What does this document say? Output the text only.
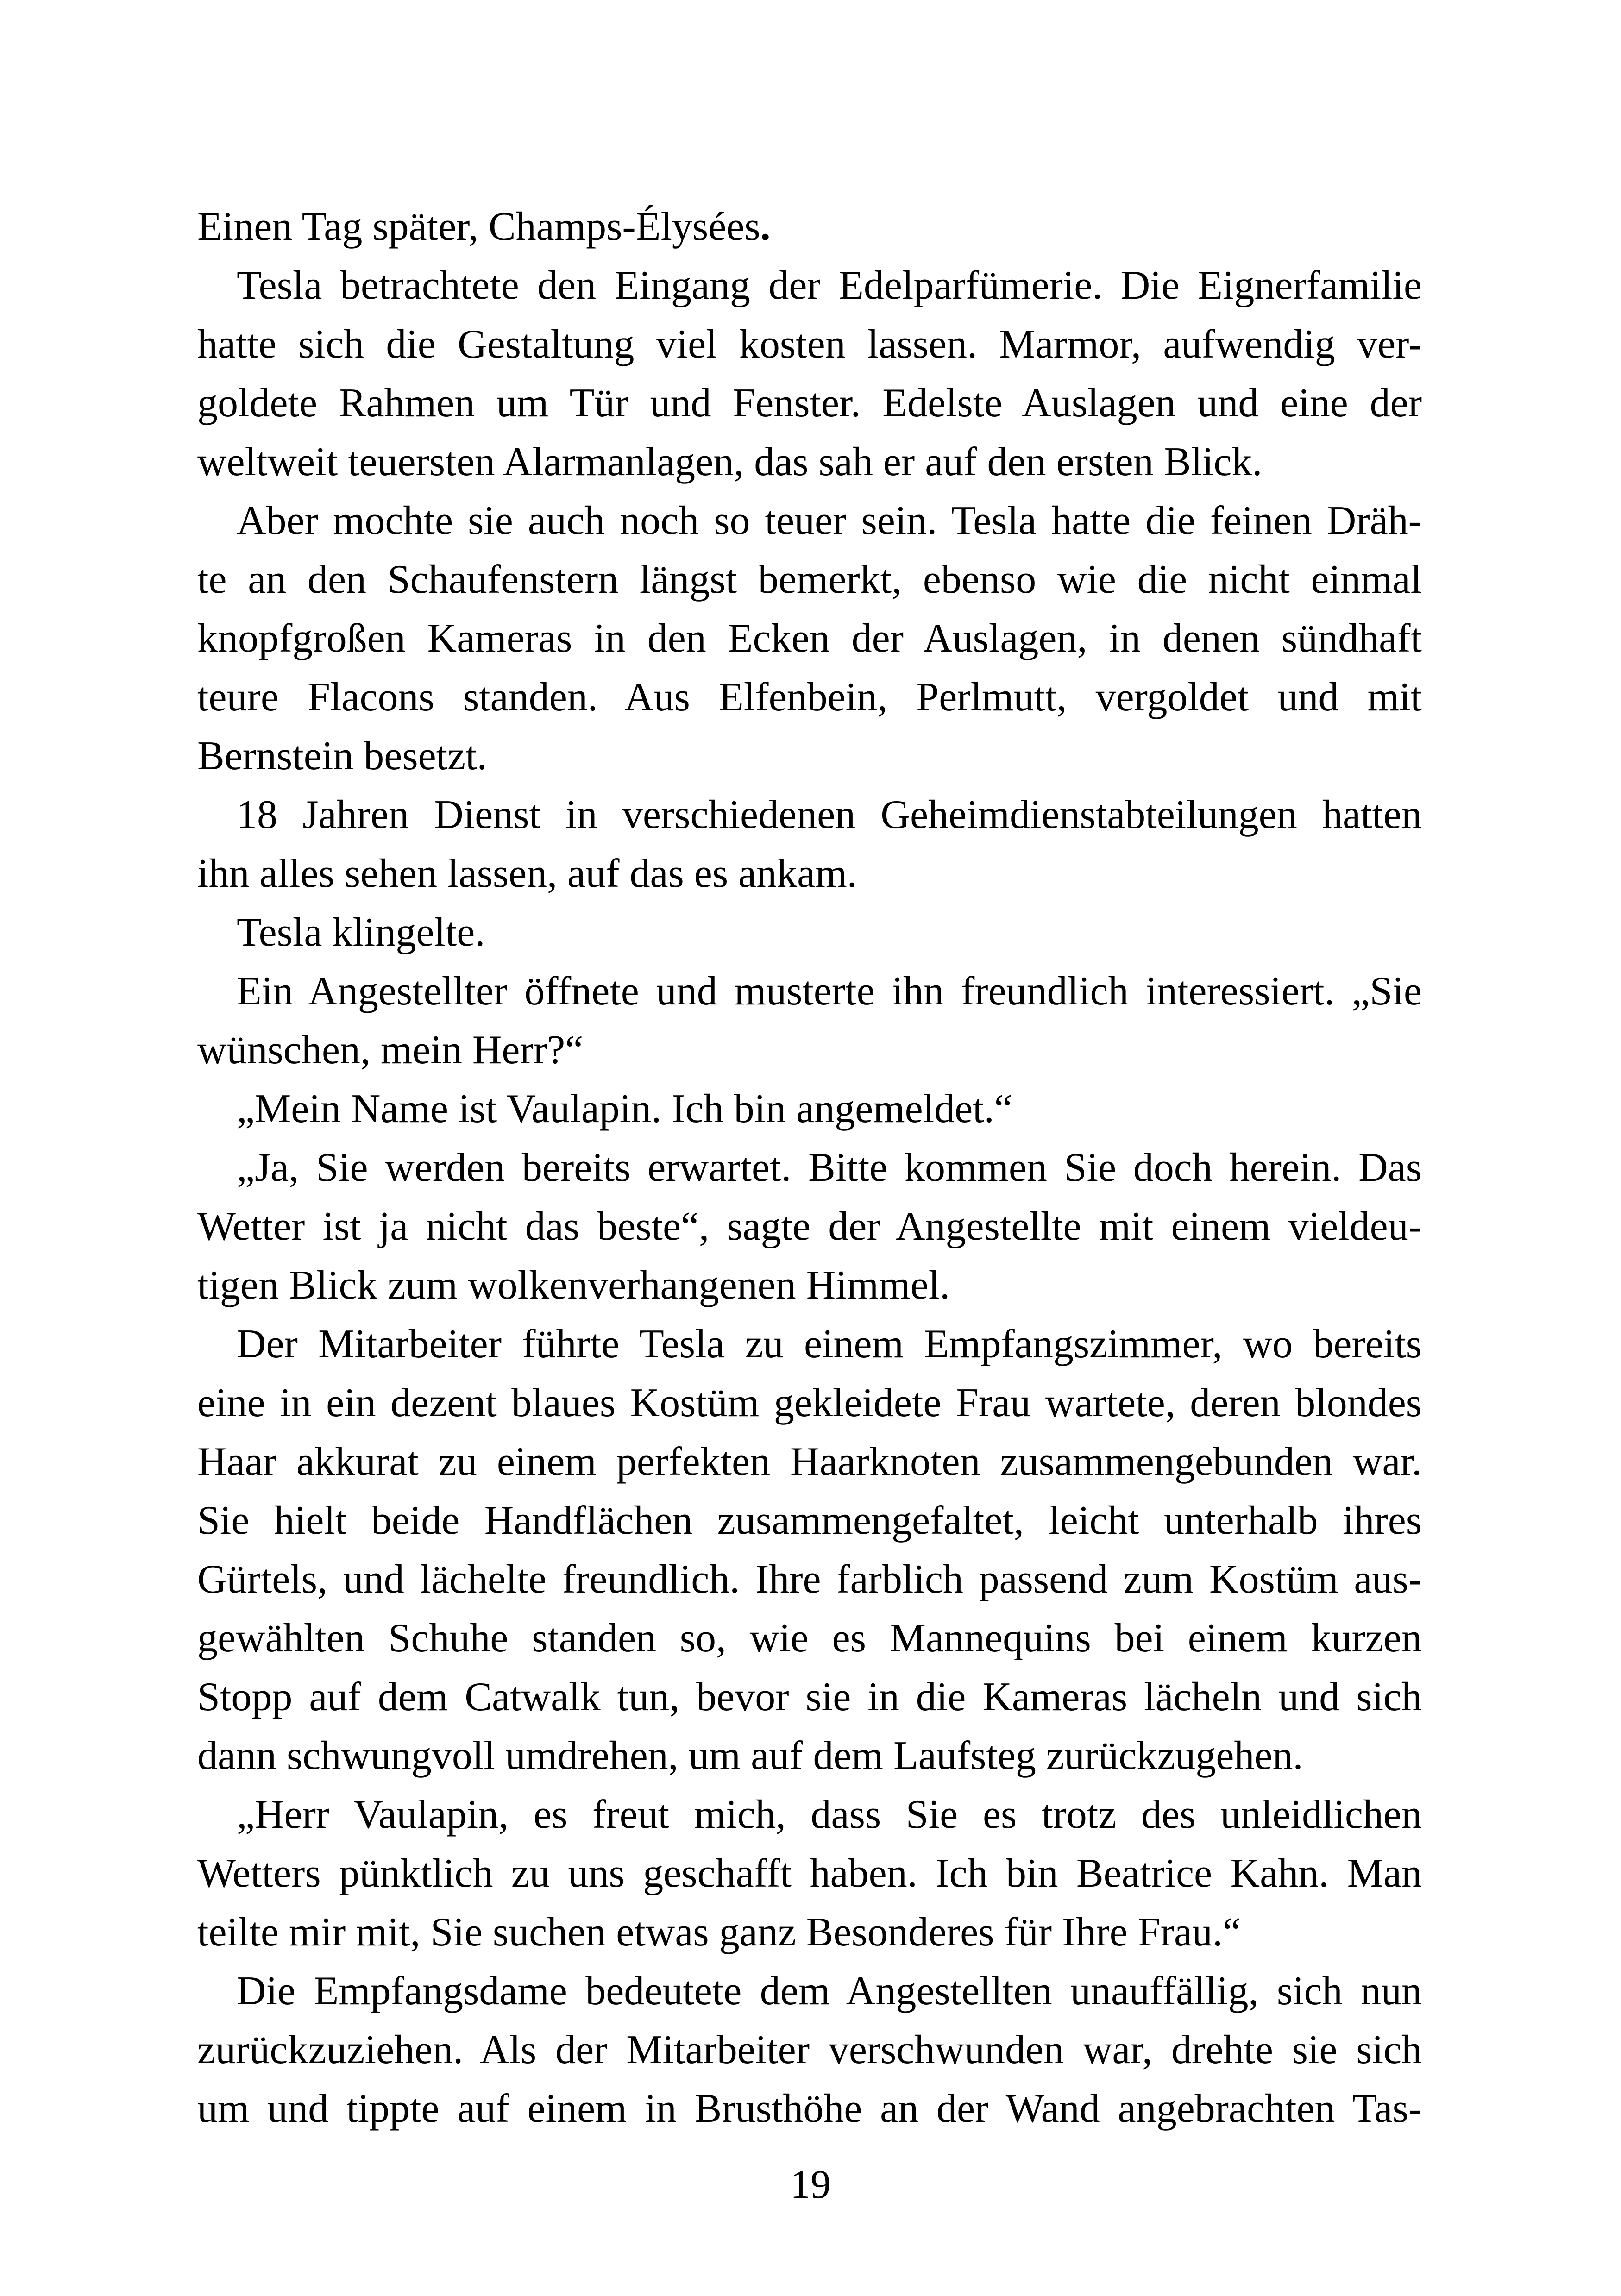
Einen Tag später, Champs-Élysées.
Tesla betrachtete den Eingang der Edelparfümerie. Die Eignerfamilie
hatte sich die Gestaltung viel kosten lassen. Marmor, aufwendig ver-
goldete Rahmen um Tür und Fenster. Edelste Auslagen und eine der
weltweit teuersten Alarmanlagen, das sah er auf den ersten Blick.
Aber mochte sie auch noch so teuer sein. Tesla hatte die feinen Dräh-
te an den Schaufenstern längst bemerkt, ebenso wie die nicht einmal
knopfgroßen Kameras in den Ecken der Auslagen, in denen sündhaft
teure Flacons standen. Aus Elfenbein, Perlmutt, vergoldet und mit
Bernstein besetzt.
18 Jahren Dienst in verschiedenen Geheimdienstabteilungen hatten
ihn alles sehen lassen, auf das es ankam.
Tesla klingelte.
Ein Angestellter öffnete und musterte ihn freundlich interessiert. „Sie
wünschen, mein Herr?“
„Mein Name ist Vaulapin. Ich bin angemeldet.“
„Ja, Sie werden bereits erwartet. Bitte kommen Sie doch herein. Das
Wetter ist ja nicht das beste“, sagte der Angestellte mit einem vieldeu-
tigen Blick zum wolkenverhangenen Himmel.
Der Mitarbeiter führte Tesla zu einem Empfangszimmer, wo bereits
eine in ein dezent blaues Kostüm gekleidete Frau wartete, deren blondes
Haar akkurat zu einem perfekten Haarknoten zusammengebunden war.
Sie hielt beide Handflächen zusammengefaltet, leicht unterhalb ihres
Gürtels, und lächelte freundlich. Ihre farblich passend zum Kostüm aus-
gewählten Schuhe standen so, wie es Mannequins bei einem kurzen
Stopp auf dem Catwalk tun, bevor sie in die Kameras lächeln und sich
dann schwungvoll umdrehen, um auf dem Laufsteg zurückzugehen.
„Herr Vaulapin, es freut mich, dass Sie es trotz des unleidlichen
Wetters pünktlich zu uns geschafft haben. Ich bin Beatrice Kahn. Man
teilte mir mit, Sie suchen etwas ganz Besonderes für Ihre Frau.“
Die Empfangsdame bedeutete dem Angestellten unauffällig, sich nun
zurückzuziehen. Als der Mitarbeiter verschwunden war, drehte sie sich
um und tippte auf einem in Brusthöhe an der Wand angebrachten Tas-
19
